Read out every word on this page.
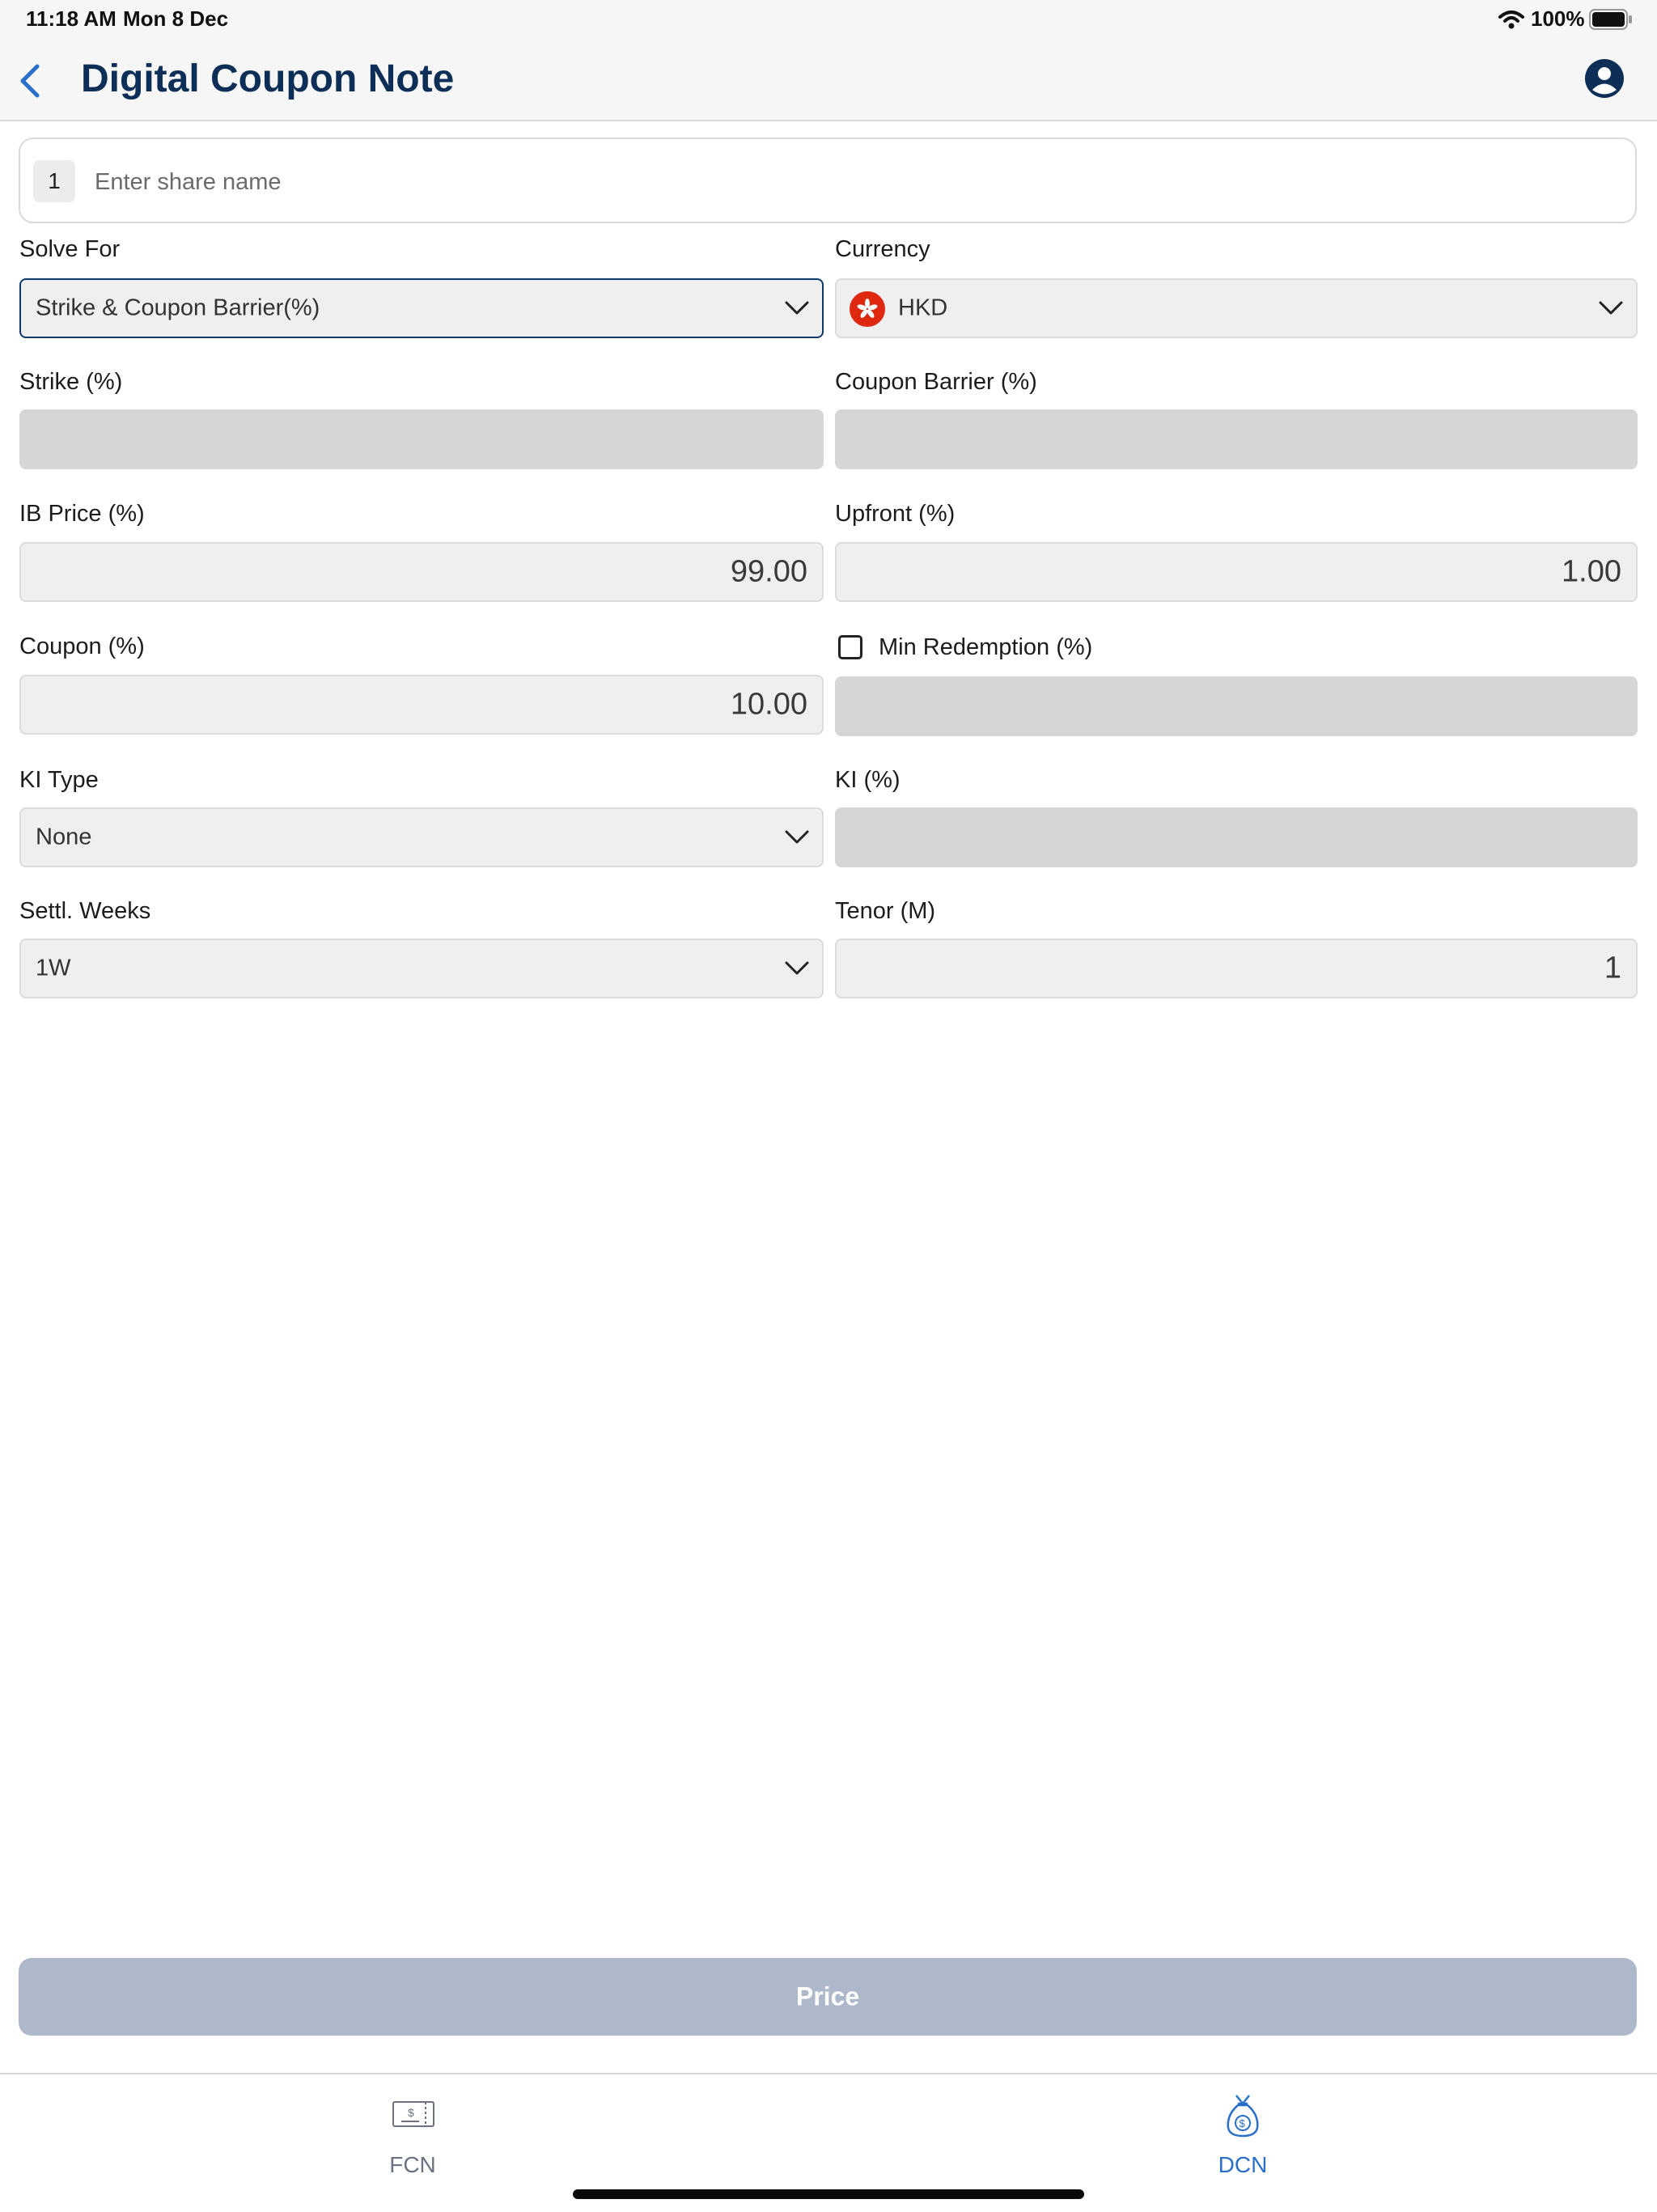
11:18 AM Mon 8 Dec	100%
Digital Coupon Note
1
Enter share name
Solve For
Strike & Coupon Barrier(%)
Currency
HKD
Strike (%)	Coupon Barrier (%)
IB Price (%)
99.00
Upfront (%)
1.00
Coupon (%)
10.00
Min Redemption (%)
KI Type
None
KI (%)
Settl. Weeks
1W
Tenor (M)
1
Price
$
FCN
$
DCN
